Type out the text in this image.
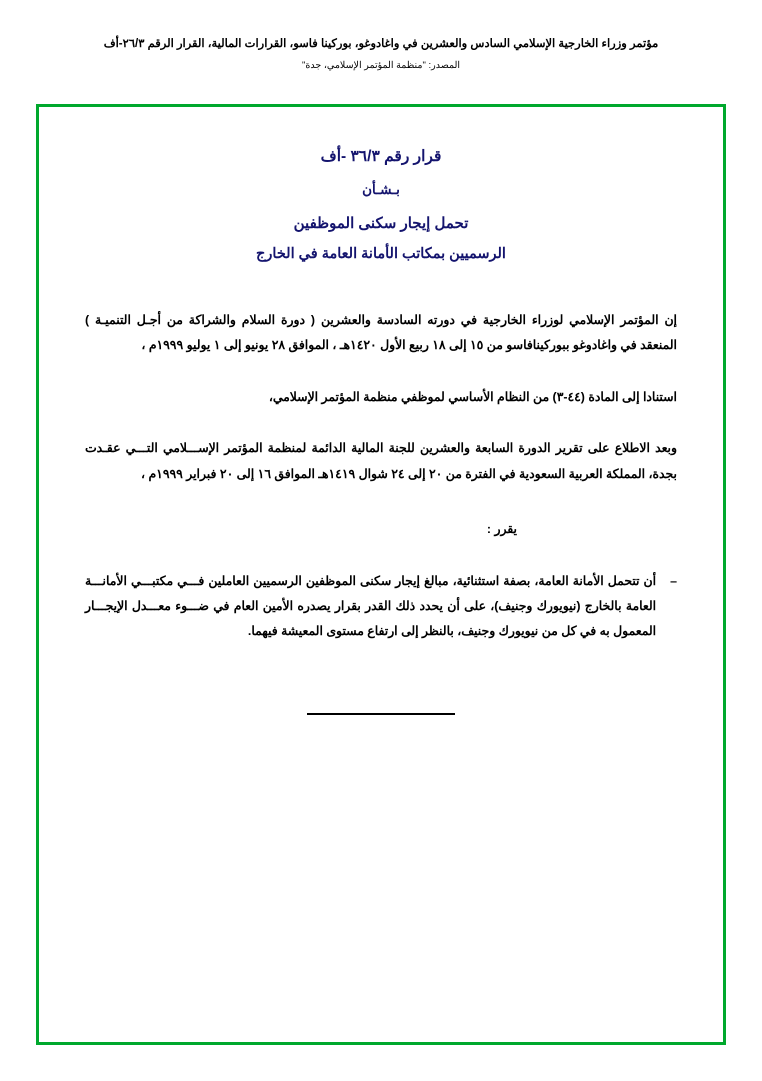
مؤتمر وزراء الخارجية الإسلامي السادس والعشرين في واغادوغو، بوركينا فاسو، القرارات المالية، القرار الرقم ٢٦/٣-أف
المصدر: "منظمة المؤتمر الإسلامي، جدة"
قرار رقم ٣٦/٣ -أف
بـشـأن
تحمل إيجار سكنى الموظفين
الرسميين بمكاتب الأمانة العامة في الخارج
إن المؤتمر الإسلامي لوزراء الخارجية في دورته السادسة والعشرين ( دورة السلام والشراكة من أجـل التنميـة ) المنعقد في واغادوغو ببوركينافاسو من ١٥ إلى ١٨ ربيع الأول ١٤٢٠هـ ، الموافق ٢٨ يونيو إلى ١ يوليو ١٩٩٩م ،
استنادا إلى المادة (٤٤-٣) من النظام الأساسي لموظفي منظمة المؤتمر الإسلامي،
وبعد الاطلاع على تقرير الدورة السابعة والعشرين للجنة المالية الدائمة لمنظمة المؤتمر الإســـلامي التـــي عقـدت بجدة، المملكة العربية السعودية في الفترة من ٢٠ إلى ٢٤ شوال ١٤١٩هـ الموافق ١٦ إلى ٢٠ فبراير ١٩٩٩م ،
يقرر :
–
أن تتحمل الأمانة العامة، بصفة استثنائية، مبالغ إيجار سكنى الموظفين الرسميين العاملين فـــي مكتبـــي الأمانـــة العامة بالخارج (نيويورك وجنيف)، على أن يحدد ذلك القدر بقرار يصدره الأمين العام في ضـــوء معـــدل الإيجـــار المعمول به في كل من نيويورك وجنيف، بالنظر إلى ارتفاع مستوى المعيشة فيهما.
